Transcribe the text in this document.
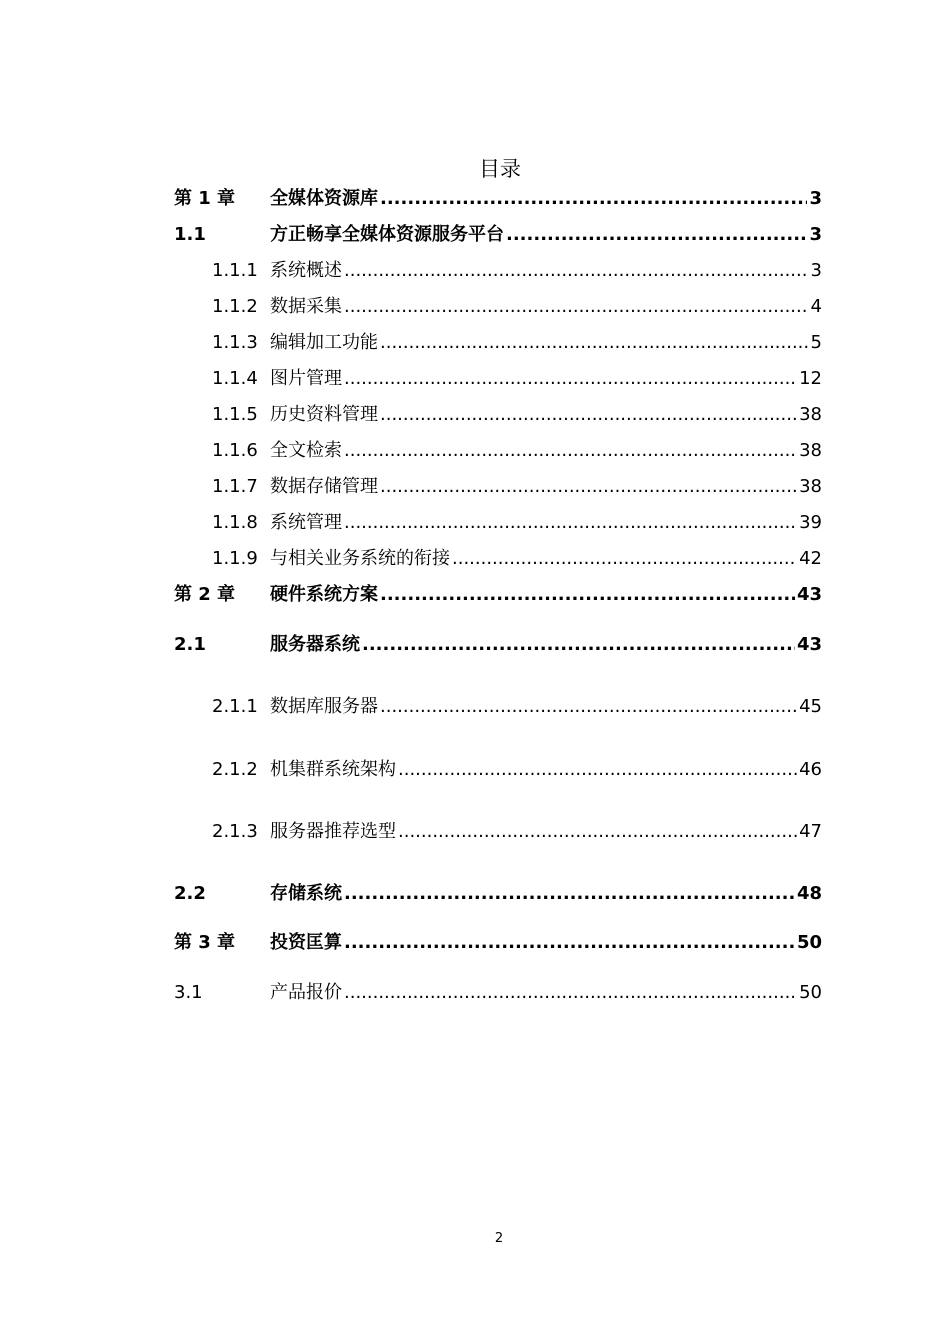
目录
第 1 章	全媒体资源库 .....	3
1.1	方正畅享全媒体资源服务平台 .....	3
1.1.1 系统概述 .....	3
1.1.2 数据采集 .....	4
1.1.3 编辑加工功能 .....	5
1.1.4 图片管理 .....	12
1.1.5 历史资料管理 .....	38
1.1.6 全文检索 .....	38
1.1.7 数据存储管理 .....	38
1.1.8 系统管理 .....	39
1.1.9 与相关业务系统的衔接 .....	42
第 2 章	硬件系统方案 .....	43
2.1	服务器系统 .....	43
2.1.1 数据库服务器 .....	45
2.1.2 机集群系统架构 .....	46
2.1.3 服务器推荐选型 .....	47
2.2	存储系统 .....	48
第 3 章	投资匡算 .....	50
3.1	产品报价 .....	50
2
